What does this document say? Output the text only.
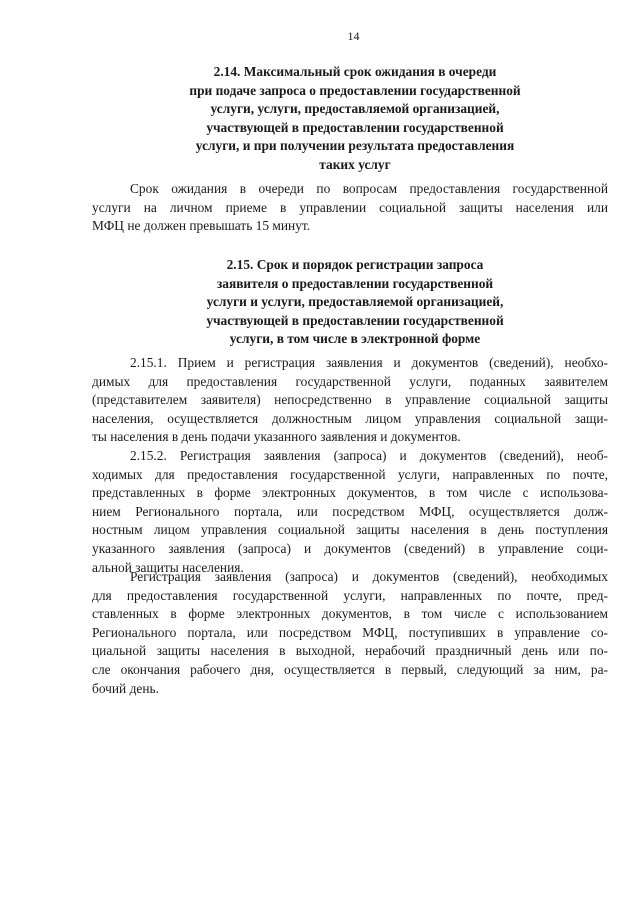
14
2.14. Максимальный срок ожидания в очереди
при подаче запроса о предоставлении государственной
услуги, услуги, предоставляемой организацией,
участвующей в предоставлении государственной
услуги, и при получении результата предоставления
таких услуг
Срок ожидания в очереди по вопросам предоставления государственной
услуги на личном приеме в управлении социальной защиты населения или
МФЦ не должен превышать 15 минут.
2.15. Срок и порядок регистрации запроса
заявителя о предоставлении государственной
услуги и услуги, предоставляемой организацией,
участвующей в предоставлении государственной
услуги, в том числе в электронной форме
2.15.1. Прием и регистрация заявления и документов (сведений), необхо-
димых для предоставления государственной услуги, поданных заявителем
(представителем заявителя) непосредственно в управление социальной защиты
населения, осуществляется должностным лицом управления социальной защи-
ты населения в день подачи указанного заявления и документов.
2.15.2. Регистрация заявления (запроса) и документов (сведений), необ-
ходимых для предоставления государственной услуги, направленных по почте,
представленных в форме электронных документов, в том числе с использова-
нием Регионального портала, или посредством МФЦ, осуществляется долж-
ностным лицом управления социальной защиты населения в день поступления
указанного заявления (запроса) и документов (сведений) в управление соци-
альной защиты населения.
Регистрация заявления (запроса) и документов (сведений), необходимых
для предоставления государственной услуги, направленных по почте, пред-
ставленных в форме электронных документов, в том числе с использованием
Регионального портала, или посредством МФЦ, поступивших в управление со-
циальной защиты населения в выходной, нерабочий праздничный день или по-
сле окончания рабочего дня, осуществляется в первый, следующий за ним, ра-
бочий день.
